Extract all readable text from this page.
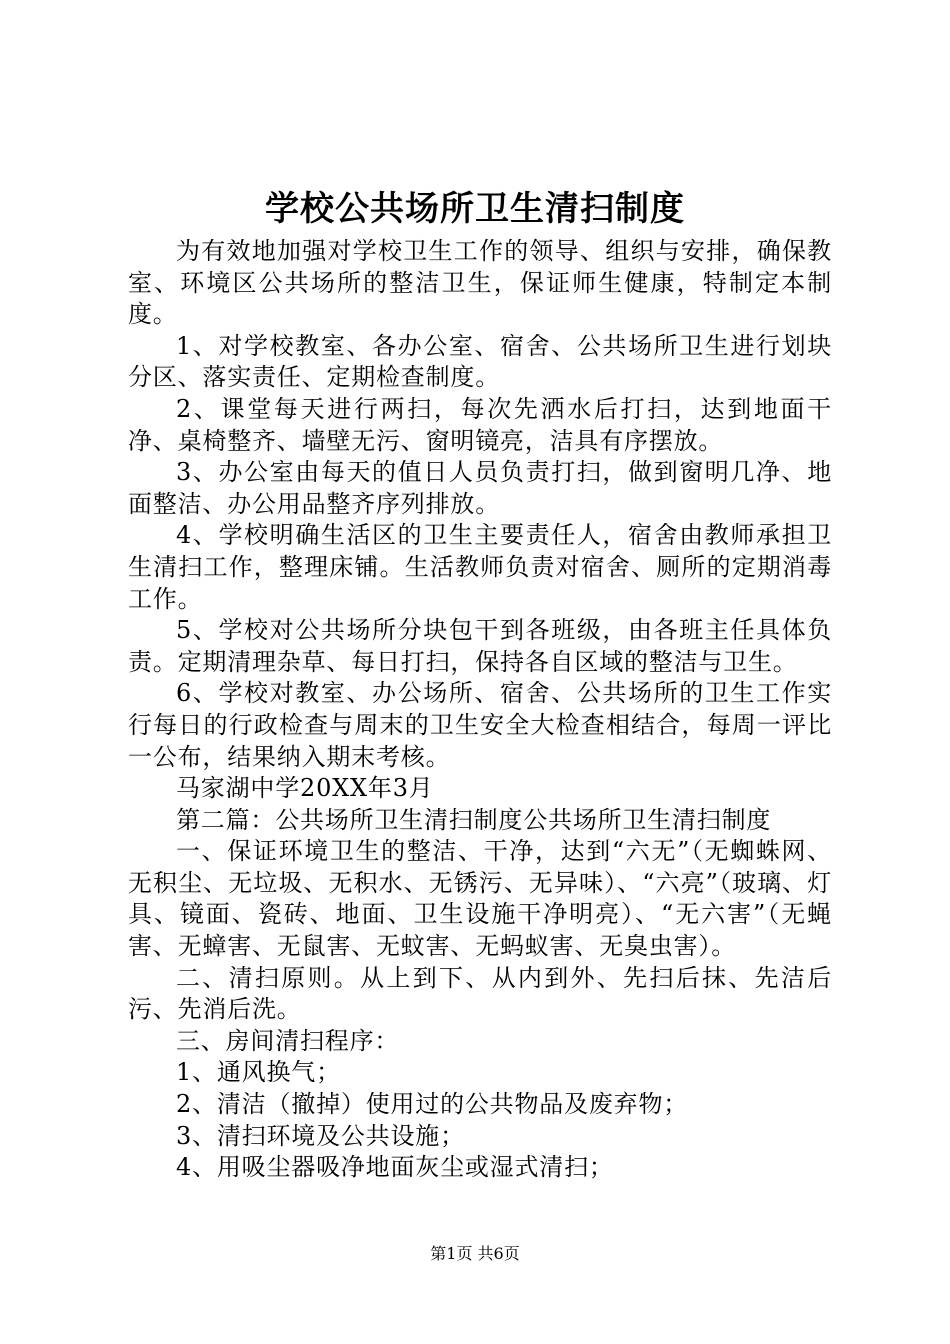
学校公共场所卫生清扫制度

为有效地加强对学校卫生工作的领导、组织与安排，确保教室、环境区公共场所的整洁卫生，保证师生健康，特制定本制度。

1、对学校教室、各办公室、宿舍、公共场所卫生进行划块分区、落实责任、定期检查制度。

2、课堂每天进行两扫，每次先洒水后打扫，达到地面干净、桌椅整齐、墙壁无污、窗明镜亮，洁具有序摆放。

3、办公室由每天的值日人员负责打扫，做到窗明几净、地面整洁、办公用品整齐序列排放。

4、学校明确生活区的卫生主要责任人，宿舍由教师承担卫生清扫工作，整理床铺。生活教师负责对宿舍、厕所的定期消毒工作。

5、学校对公共场所分块包干到各班级，由各班主任具体负责。定期清理杂草、每日打扫，保持各自区域的整洁与卫生。

6、学校对教室、办公场所、宿舍、公共场所的卫生工作实行每日的行政检查与周末的卫生安全大检查相结合，每周一评比一公布，结果纳入期末考核。

马家湖中学20XX年3月

第二篇：公共场所卫生清扫制度公共场所卫生清扫制度

一、保证环境卫生的整洁、干净，达到“六无”（无蜘蛛网、无积尘、无垃圾、无积水、无锈污、无异味）、“六亮”（玻璃、灯具、镜面、瓷砖、地面、卫生设施干净明亮）、“无六害”（无蝇害、无蟑害、无鼠害、无蚊害、无蚂蚁害、无臭虫害）。

二、清扫原则。从上到下、从内到外、先扫后抹、先洁后污、先消后洗。

三、房间清扫程序：

1、通风换气；

2、清洁（撤掉）使用过的公共物品及废弃物；

3、清扫环境及公共设施；

4、用吸尘器吸净地面灰尘或湿式清扫；

第1页 共6页
